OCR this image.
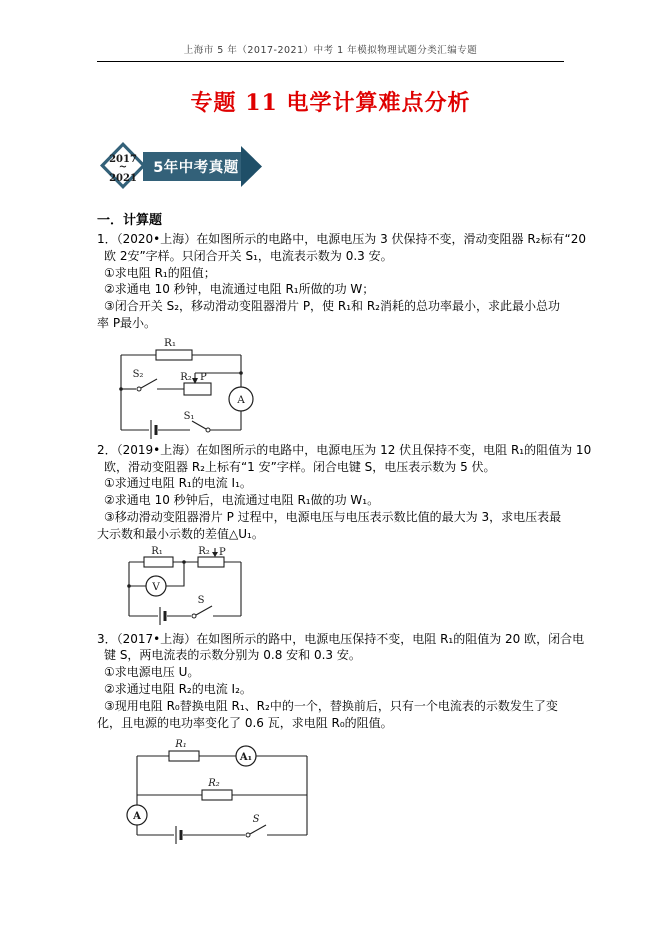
上海市 5 年（2017-2021）中考 1 年模拟物理试题分类汇编专题
专题 11 电学计算难点分析
5年中考真题
2017
~
2021
一．计算题
1．（2020•上海）在如图所示的电路中，电源电压为 3 伏保持不变，滑动变阻器 R₂标有“20
欧 2安”字样。只闭合开关 S₁，电流表示数为 0.3 安。
①求电阻 R₁的阻值；
②求通电 10 秒钟，电流通过电阻 R₁所做的功 W；
③闭合开关 S₂，移动滑动变阻器滑片 P，使 R₁和 R₂消耗的总功率最小，求此最小总功
率 P最小。
R₁
S₂	R₂ P
A
S₁
2．（2019•上海）在如图所示的电路中，电源电压为 12 伏且保持不变，电阻 R₁的阻值为 10
欧，滑动变阻器 R₂上标有“1 安”字样。闭合电键 S，电压表示数为 5 伏。
①求通过电阻 R₁的电流 I₁。
②求通电 10 秒钟后，电流通过电阻 R₁做的功 W₁。
③移动滑动变阻器滑片 P 过程中，电源电压与电压表示数比值的最大为 3，求电压表最
大示数和最小示数的差值△U₁。
R₁	R₂ P
V
S
3．（2017•上海）在如图所示的路中，电源电压保持不变，电阻 R₁的阻值为 20 欧，闭合电
键 S，两电流表的示数分别为 0.8 安和 0.3 安。
①求电源电压 U。
②求通过电阻 R₂的电流 I₂。
③现用电阻 R₀替换电阻 R₁、R₂中的一个，替换前后，只有一个电流表的示数发生了变
化，且电源的电功率变化了 0.6 瓦，求电阻 R₀的阻值。
R₁
A₁
R₂
A	S
